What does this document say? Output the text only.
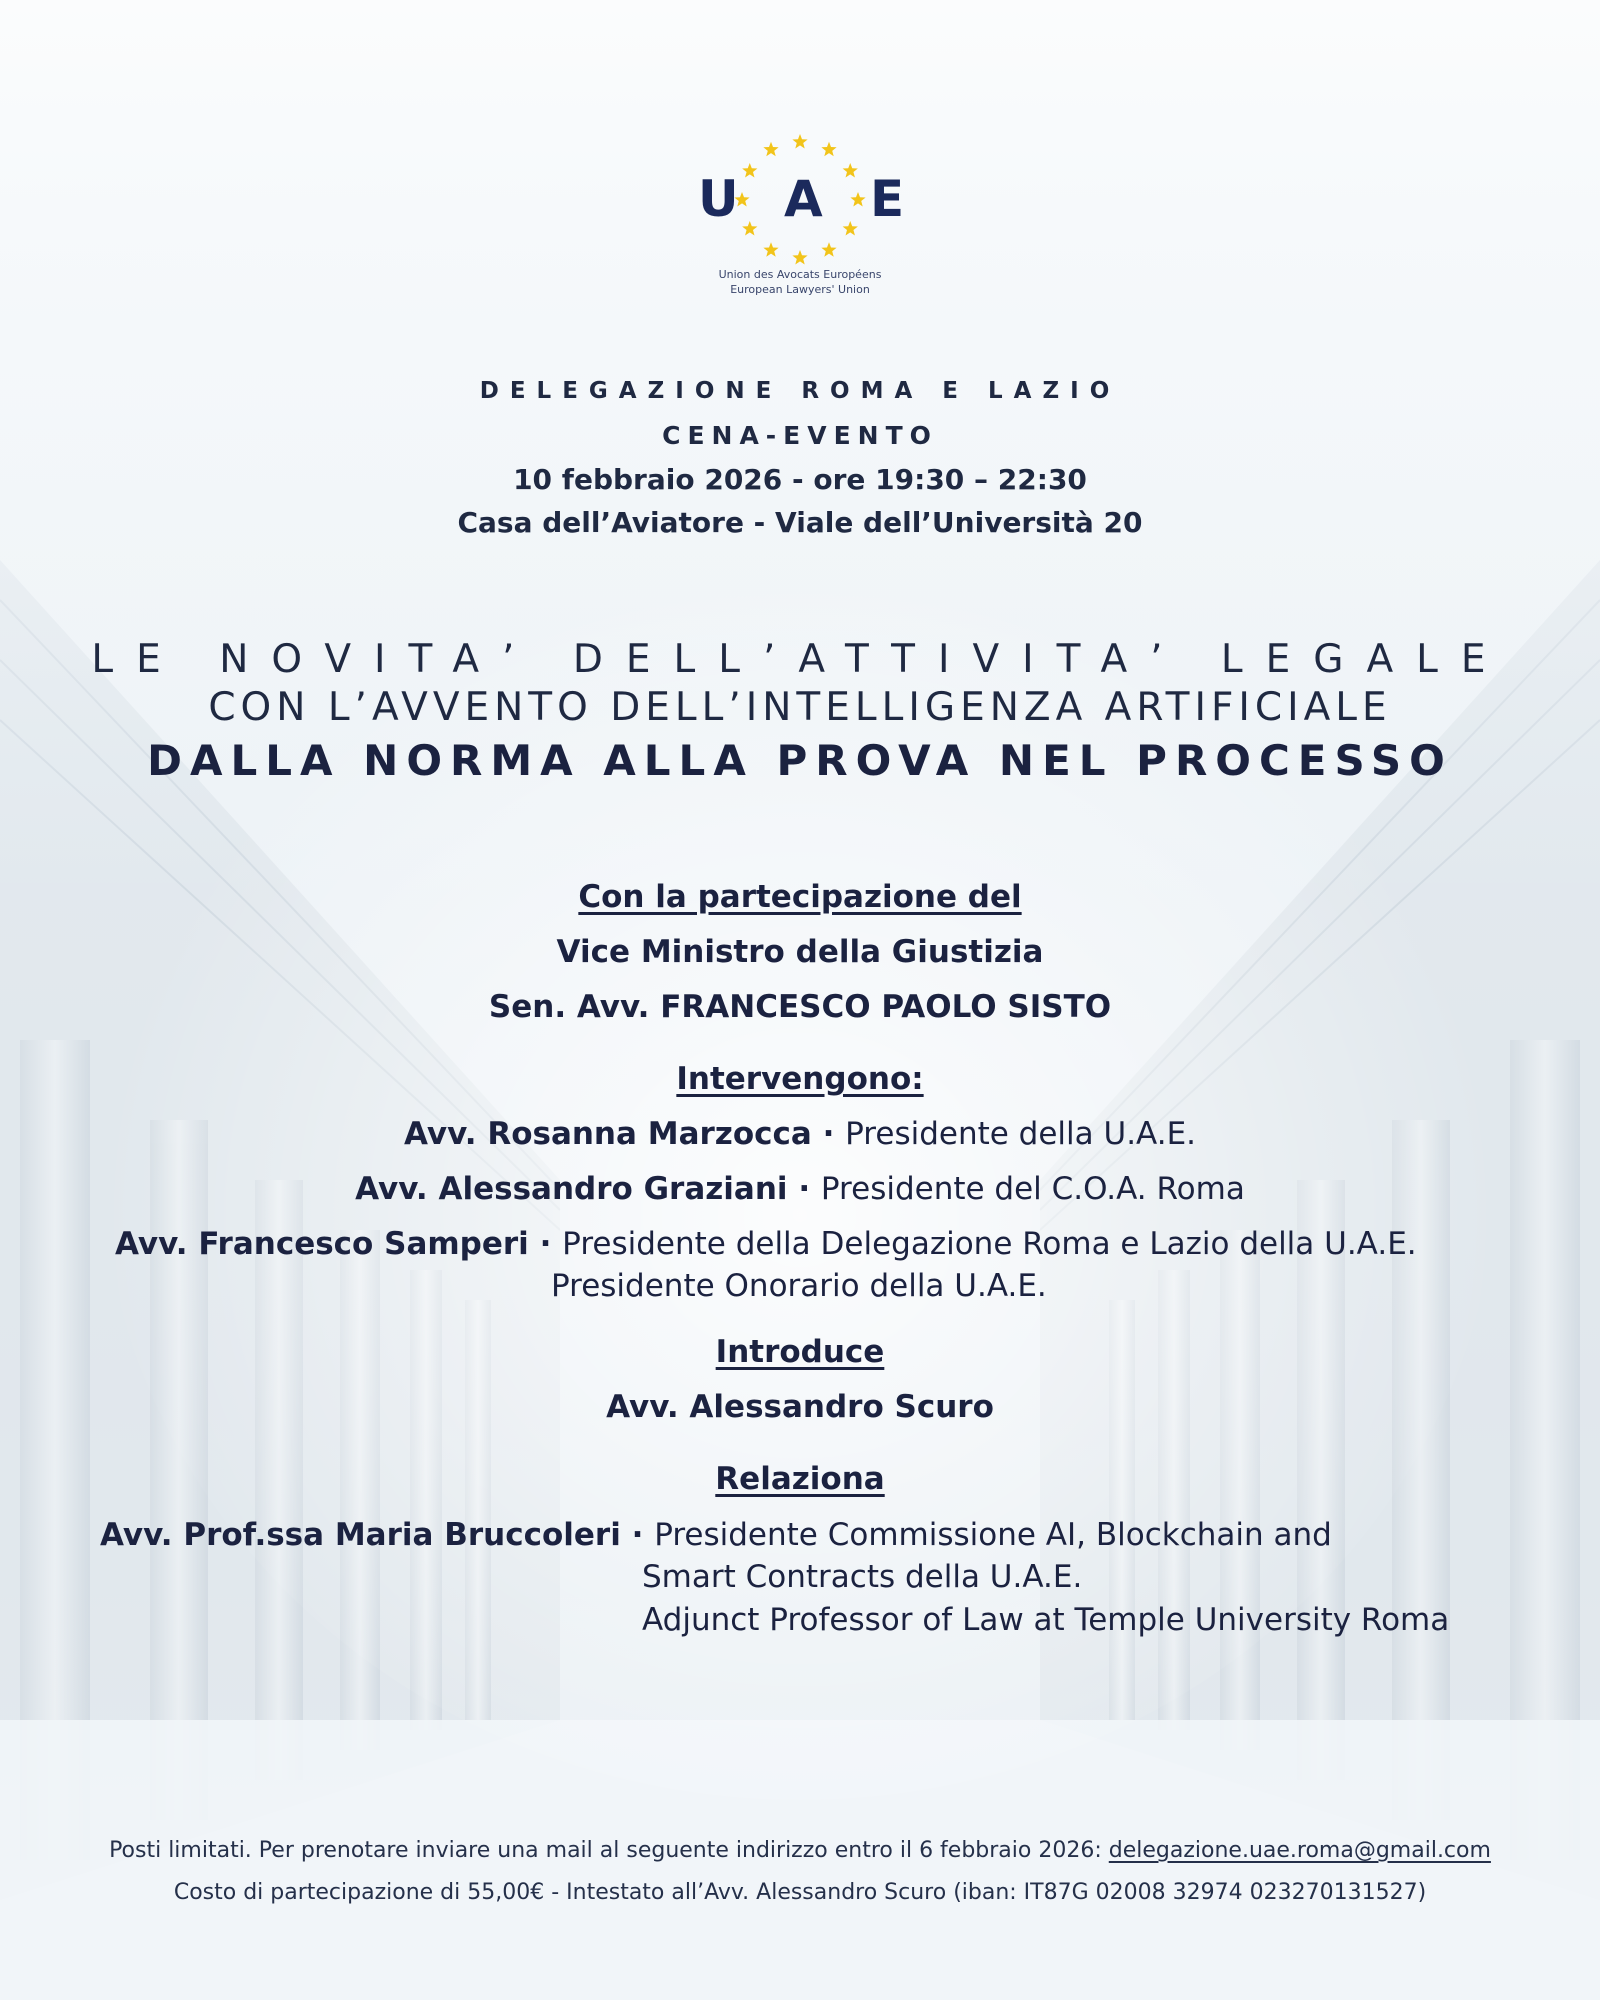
U A E
Union des Avocats Européens
European Lawyers' Union
DELEGAZIONE ROMA E LAZIO
CENA-EVENTO
10 febbraio 2026 - ore 19:30 – 22:30
Casa dell’Aviatore - Viale dell’Università 20
LE NOVITA’ DELL’ATTIVITA’ LEGALE
CON L’AVVENTO DELL’INTELLIGENZA ARTIFICIALE
DALLA NORMA ALLA PROVA NEL PROCESSO
Con la partecipazione del
Vice Ministro della Giustizia
Sen. Avv. FRANCESCO PAOLO SISTO
Intervengono:
Avv. Rosanna Marzocca · Presidente della U.A.E.
Avv. Alessandro Graziani · Presidente del C.O.A. Roma
Avv. Francesco Samperi · Presidente della Delegazione Roma e Lazio della U.A.E.
Presidente Onorario della U.A.E.
Introduce
Avv. Alessandro Scuro
Relaziona
Avv. Prof.ssa Maria Bruccoleri · Presidente Commissione AI, Blockchain and
Smart Contracts della U.A.E.
Adjunct Professor of Law at Temple University Roma
Posti limitati. Per prenotare inviare una mail al seguente indirizzo entro il 6 febbraio 2026: delegazione.uae.roma@gmail.com
Costo di partecipazione di 55,00€ - Intestato all’Avv. Alessandro Scuro (iban: IT87G 02008 32974 023270131527)
